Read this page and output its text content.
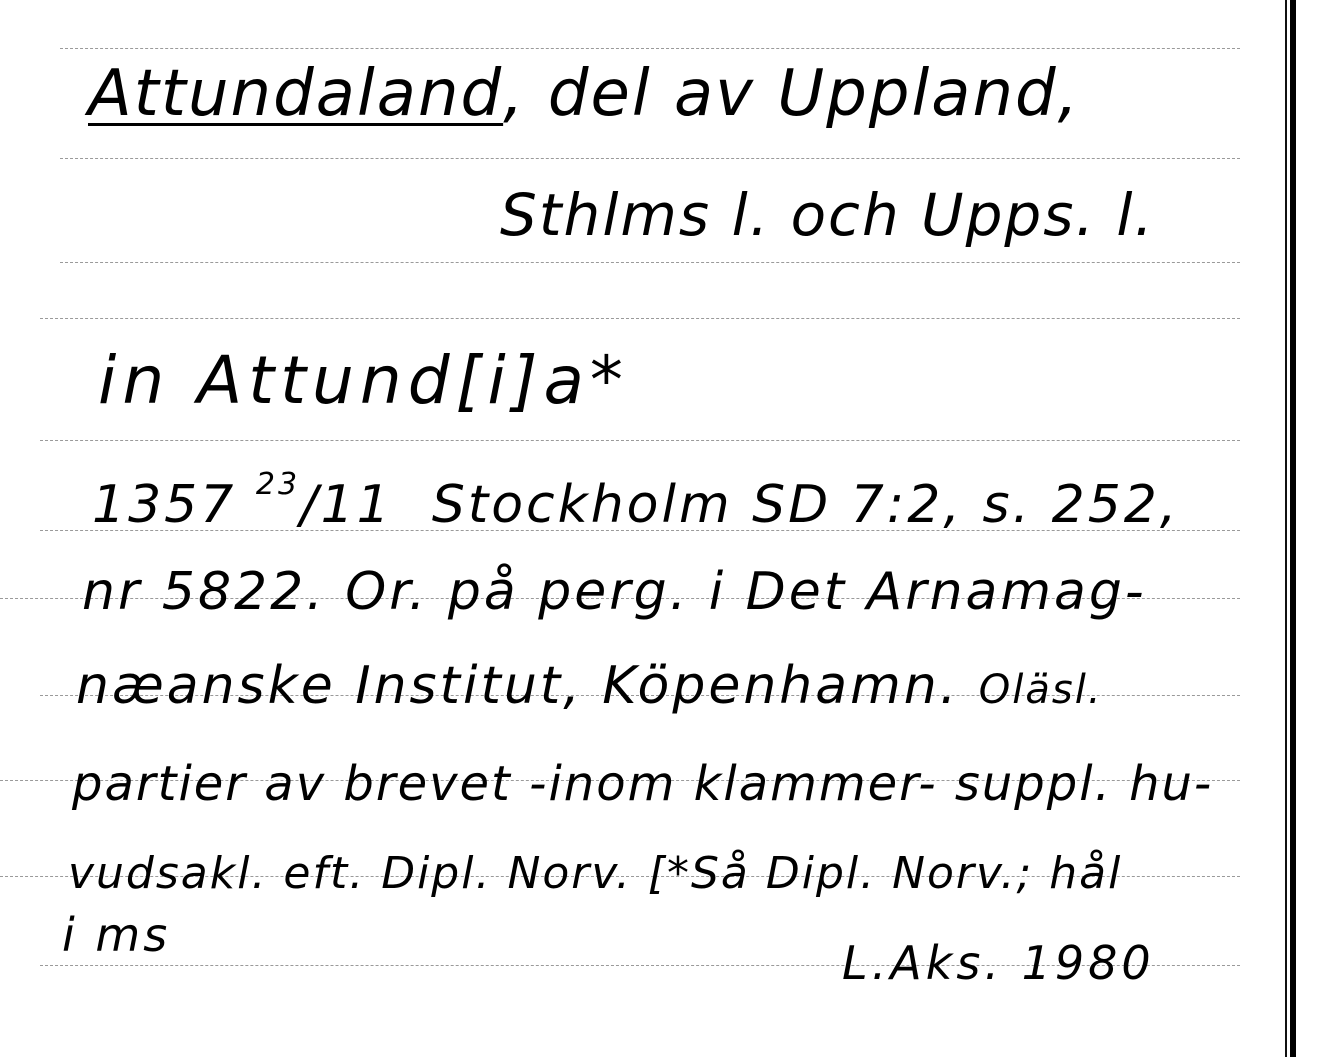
Attundaland, del av Uppland,
Sthlms l. och Upps. l.
in Attund[i]a*
1357 $^{23}$/11 Stockholm SD 7:2, s. 252,
nr 5822. Or. på perg. i Det Arnamag-
næanske Institut, Köpenhamn. Oläsl.
partier av brevet -inom klammer- suppl. hu-
vudsakl. eft. Dipl. Norv. [*Så Dipl. Norv.; hål
i ms
L.Aks. 1980
